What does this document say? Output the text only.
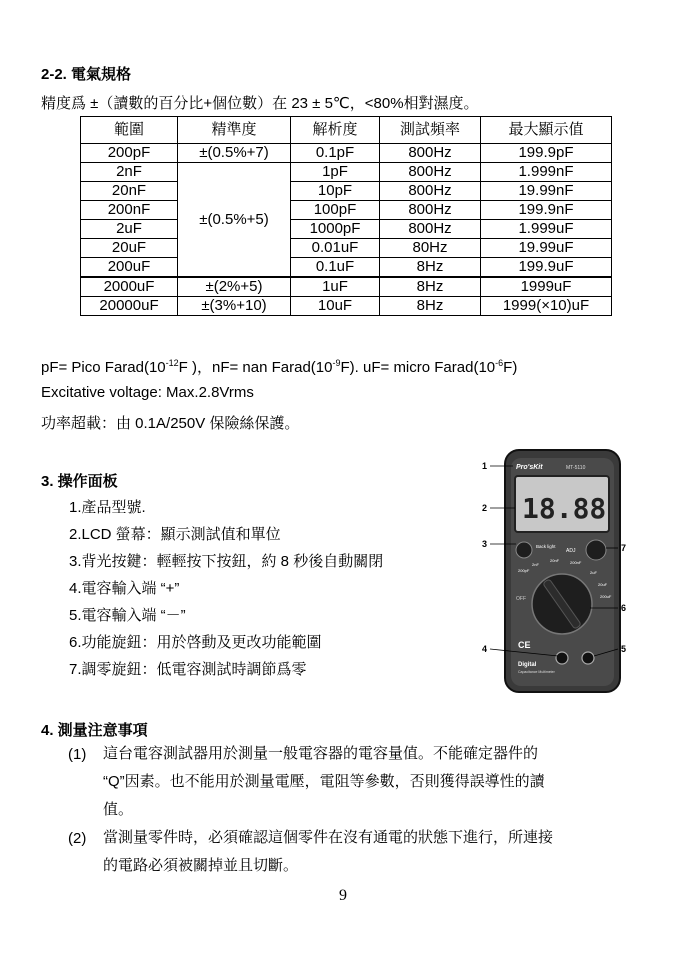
2-2. 電氣規格
精度爲 ±（讀數的百分比+個位數）在 23 ± 5℃，<80%相對濕度。
範圍	精準度	解析度	測試頻率	最大顯示值
200pF	±(0.5%+7)	0.1pF	800Hz	199.9pF
2nF	±(0.5%+5)	1pF	800Hz	1.999nF
20nF		10pF	800Hz	19.99nF
200nF		100pF	800Hz	199.9nF
2uF		1000pF	800Hz	1.999uF
20uF		0.01uF	80Hz	19.99uF
200uF		0.1uF	8Hz	199.9uF
2000uF	±(2%+5)	1uF	8Hz	1999uF
20000uF	±(3%+10)	10uF	8Hz	1999(×10)uF
pF= Pico $Farad(10^{-12}F$ )，nF= nan $Farad(10^{-9}F)$. uF= micro $Farad(10^{-6}F)$
Excitative voltage: Max.2.8Vrms
功率超載：由 0.1A/250V 保險絲保護。
3. 操作面板
1.產品型號.
2.LCD 螢幕：顯示測試值和單位
3.背光按鍵：輕輕按下按鈕，約 8 秒後自動關閉
4.電容輸入端 “+”
5.電容輸入端 “－”
6.功能旋鈕：用於啓動及更改功能範圍
7.調零旋鈕：低電容測試時調節爲零
Pro'sKit	MT-5110
18.88
Back light
ADJ
200pF
2nF
20nF	200nF
2uF
20uF
200uF
OFF
CE
Digital
Capacitance Multimeter
1
2
3
4	5
6
7
4. 測量注意事項
(1) 這台電容測試器用於測量一般電容器的電容量值。不能確定器件的
“Q”因素。也不能用於測量電壓，電阻等參數，否則獲得誤導性的讀
值。
(2) 當測量零件時，必須確認這個零件在沒有通電的狀態下進行，所連接
的電路必須被關掉並且切斷。
9
